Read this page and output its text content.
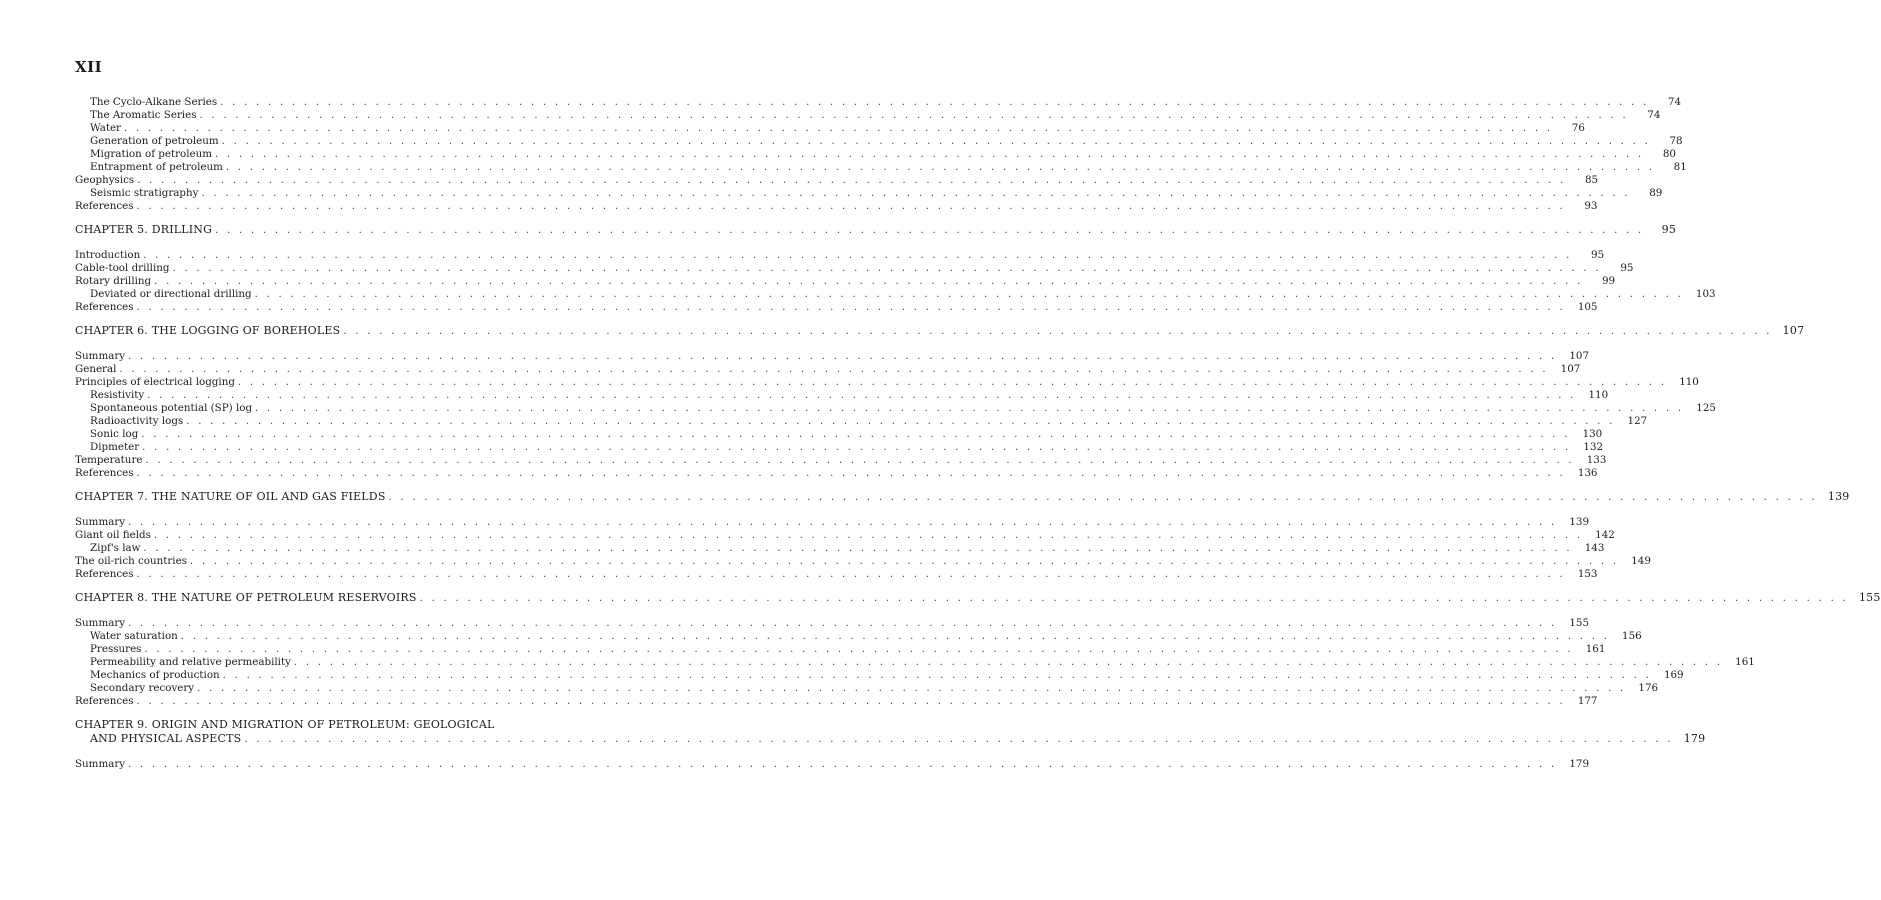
XII
The Cyclo-Alkane Series . . . . . . . . . . . . . . . . . . . . . . . . . . . . . . . . . . . . . . . . . . . . . . . . . . . . . . . . . . . . . . . . . . . . . . . . . . . . . . . . . . . . . . . . . . . . . . . . . . . . . . . . . . . . . . . . . . . . . . . .	74
The Aromatic Series . . . . . . . . . . . . . . . . . . . . . . . . . . . . . . . . . . . . . . . . . . . . . . . . . . . . . . . . . . . . . . . . . . . . . . . . . . . . . . . . . . . . . . . . . . . . . . . . . . . . . . . . . . . . . . . . . . . . . . . .	74
Water . . . . . . . . . . . . . . . . . . . . . . . . . . . . . . . . . . . . . . . . . . . . . . . . . . . . . . . . . . . . . . . . . . . . . . . . . . . . . . . . . . . . . . . . . . . . . . . . . . . . . . . . . . . . . . . . . . . . . . . .	76
Generation of petroleum . . . . . . . . . . . . . . . . . . . . . . . . . . . . . . . . . . . . . . . . . . . . . . . . . . . . . . . . . . . . . . . . . . . . . . . . . . . . . . . . . . . . . . . . . . . . . . . . . . . . . . . . . . . . . . . . . . . . . . . .	78
Migration of petroleum . . . . . . . . . . . . . . . . . . . . . . . . . . . . . . . . . . . . . . . . . . . . . . . . . . . . . . . . . . . . . . . . . . . . . . . . . . . . . . . . . . . . . . . . . . . . . . . . . . . . . . . . . . . . . . . . . . . . . . . .	80
Entrapment of petroleum . . . . . . . . . . . . . . . . . . . . . . . . . . . . . . . . . . . . . . . . . . . . . . . . . . . . . . . . . . . . . . . . . . . . . . . . . . . . . . . . . . . . . . . . . . . . . . . . . . . . . . . . . . . . . . . . . . . . . . . .	81
Geophysics . . . . . . . . . . . . . . . . . . . . . . . . . . . . . . . . . . . . . . . . . . . . . . . . . . . . . . . . . . . . . . . . . . . . . . . . . . . . . . . . . . . . . . . . . . . . . . . . . . . . . . . . . . . . . . . . . . . . . . . .	85
Seismic stratigraphy . . . . . . . . . . . . . . . . . . . . . . . . . . . . . . . . . . . . . . . . . . . . . . . . . . . . . . . . . . . . . . . . . . . . . . . . . . . . . . . . . . . . . . . . . . . . . . . . . . . . . . . . . . . . . . . . . . . . . . . .	89
References . . . . . . . . . . . . . . . . . . . . . . . . . . . . . . . . . . . . . . . . . . . . . . . . . . . . . . . . . . . . . . . . . . . . . . . . . . . . . . . . . . . . . . . . . . . . . . . . . . . . . . . . . . . . . . . . . . . . . . . .	93
CHAPTER 5. DRILLING . . . . . . . . . . . . . . . . . . . . . . . . . . . . . . . . . . . . . . . . . . . . . . . . . . . . . . . . . . . . . . . . . . . . . . . . . . . . . . . . . . . . . . . . . . . . . . . . . . . . . . . . . . . . . . . . . . . . . . . .	95
Introduction . . . . . . . . . . . . . . . . . . . . . . . . . . . . . . . . . . . . . . . . . . . . . . . . . . . . . . . . . . . . . . . . . . . . . . . . . . . . . . . . . . . . . . . . . . . . . . . . . . . . . . . . . . . . . . . . . . . . . . . .	95
Cable-tool drilling . . . . . . . . . . . . . . . . . . . . . . . . . . . . . . . . . . . . . . . . . . . . . . . . . . . . . . . . . . . . . . . . . . . . . . . . . . . . . . . . . . . . . . . . . . . . . . . . . . . . . . . . . . . . . . . . . . . . . . . .	95
Rotary drilling . . . . . . . . . . . . . . . . . . . . . . . . . . . . . . . . . . . . . . . . . . . . . . . . . . . . . . . . . . . . . . . . . . . . . . . . . . . . . . . . . . . . . . . . . . . . . . . . . . . . . . . . . . . . . . . . . . . . . . . .	99
Deviated or directional drilling . . . . . . . . . . . . . . . . . . . . . . . . . . . . . . . . . . . . . . . . . . . . . . . . . . . . . . . . . . . . . . . . . . . . . . . . . . . . . . . . . . . . . . . . . . . . . . . . . . . . . . . . . . . . . . . . . . . . . . . .	103
References . . . . . . . . . . . . . . . . . . . . . . . . . . . . . . . . . . . . . . . . . . . . . . . . . . . . . . . . . . . . . . . . . . . . . . . . . . . . . . . . . . . . . . . . . . . . . . . . . . . . . . . . . . . . . . . . . . . . . . . .	105
CHAPTER 6. THE LOGGING OF BOREHOLES . . . . . . . . . . . . . . . . . . . . . . . . . . . . . . . . . . . . . . . . . . . . . . . . . . . . . . . . . . . . . . . . . . . . . . . . . . . . . . . . . . . . . . . . . . . . . . . . . . . . . . . . . . . . . . . . . . . . . . . . 107
Summary . . . . . . . . . . . . . . . . . . . . . . . . . . . . . . . . . . . . . . . . . . . . . . . . . . . . . . . . . . . . . . . . . . . . . . . . . . . . . . . . . . . . . . . . . . . . . . . . . . . . . . . . . . . . . . . . . . . . . . . .	107
General . . . . . . . . . . . . . . . . . . . . . . . . . . . . . . . . . . . . . . . . . . . . . . . . . . . . . . . . . . . . . . . . . . . . . . . . . . . . . . . . . . . . . . . . . . . . . . . . . . . . . . . . . . . . . . . . . . . . . . . .	107
Principles of electrical logging . . . . . . . . . . . . . . . . . . . . . . . . . . . . . . . . . . . . . . . . . . . . . . . . . . . . . . . . . . . . . . . . . . . . . . . . . . . . . . . . . . . . . . . . . . . . . . . . . . . . . . . . . . . . . . . . . . . . . . . .	110
Resistivity . . . . . . . . . . . . . . . . . . . . . . . . . . . . . . . . . . . . . . . . . . . . . . . . . . . . . . . . . . . . . . . . . . . . . . . . . . . . . . . . . . . . . . . . . . . . . . . . . . . . . . . . . . . . . . . . . . . . . . . .	110
Spontaneous potential (SP) log . . . . . . . . . . . . . . . . . . . . . . . . . . . . . . . . . . . . . . . . . . . . . . . . . . . . . . . . . . . . . . . . . . . . . . . . . . . . . . . . . . . . . . . . . . . . . . . . . . . . . . . . . . . . . . . . . . . . . . . .	125
Radioactivity logs . . . . . . . . . . . . . . . . . . . . . . . . . . . . . . . . . . . . . . . . . . . . . . . . . . . . . . . . . . . . . . . . . . . . . . . . . . . . . . . . . . . . . . . . . . . . . . . . . . . . . . . . . . . . . . . . . . . . . . . .	127
Sonic log . . . . . . . . . . . . . . . . . . . . . . . . . . . . . . . . . . . . . . . . . . . . . . . . . . . . . . . . . . . . . . . . . . . . . . . . . . . . . . . . . . . . . . . . . . . . . . . . . . . . . . . . . . . . . . . . . . . . . . . .	130
Dipmeter . . . . . . . . . . . . . . . . . . . . . . . . . . . . . . . . . . . . . . . . . . . . . . . . . . . . . . . . . . . . . . . . . . . . . . . . . . . . . . . . . . . . . . . . . . . . . . . . . . . . . . . . . . . . . . . . . . . . . . . .	132
Temperature . . . . . . . . . . . . . . . . . . . . . . . . . . . . . . . . . . . . . . . . . . . . . . . . . . . . . . . . . . . . . . . . . . . . . . . . . . . . . . . . . . . . . . . . . . . . . . . . . . . . . . . . . . . . . . . . . . . . . . . .	133
References . . . . . . . . . . . . . . . . . . . . . . . . . . . . . . . . . . . . . . . . . . . . . . . . . . . . . . . . . . . . . . . . . . . . . . . . . . . . . . . . . . . . . . . . . . . . . . . . . . . . . . . . . . . . . . . . . . . . . . . .	136
CHAPTER 7. THE NATURE OF OIL AND GAS FIELDS . . . . . . . . . . . . . . . . . . . . . . . . . . . . . . . . . . . . . . . . . . . . . . . . . . . . . . . . . . . . . . . . . . . . . . . . . . . . . . . . . . . . . . . . . . . . . . . . . . . . . . . . . . . . . . . . . . . . . . . . 139
Summary . . . . . . . . . . . . . . . . . . . . . . . . . . . . . . . . . . . . . . . . . . . . . . . . . . . . . . . . . . . . . . . . . . . . . . . . . . . . . . . . . . . . . . . . . . . . . . . . . . . . . . . . . . . . . . . . . . . . . . . .	139
Giant oil fields . . . . . . . . . . . . . . . . . . . . . . . . . . . . . . . . . . . . . . . . . . . . . . . . . . . . . . . . . . . . . . . . . . . . . . . . . . . . . . . . . . . . . . . . . . . . . . . . . . . . . . . . . . . . . . . . . . . . . . . .	142
Zipf's law . . . . . . . . . . . . . . . . . . . . . . . . . . . . . . . . . . . . . . . . . . . . . . . . . . . . . . . . . . . . . . . . . . . . . . . . . . . . . . . . . . . . . . . . . . . . . . . . . . . . . . . . . . . . . . . . . . . . . . . .	143
The oil-rich countries . . . . . . . . . . . . . . . . . . . . . . . . . . . . . . . . . . . . . . . . . . . . . . . . . . . . . . . . . . . . . . . . . . . . . . . . . . . . . . . . . . . . . . . . . . . . . . . . . . . . . . . . . . . . . . . . . . . . . . . .	149
References . . . . . . . . . . . . . . . . . . . . . . . . . . . . . . . . . . . . . . . . . . . . . . . . . . . . . . . . . . . . . . . . . . . . . . . . . . . . . . . . . . . . . . . . . . . . . . . . . . . . . . . . . . . . . . . . . . . . . . . .	153
CHAPTER 8. THE NATURE OF PETROLEUM RESERVOIRS . . . . . . . . . . . . . . . . . . . . . . . . . . . . . . . . . . . . . . . . . . . . . . . . . . . . . . . . . . . . . . . . . . . . . . . . . . . . . . . . . . . . . . . . . . . . . . . . . . . . . . . . . . . . . . . . . . . . . . . . 155
Summary . . . . . . . . . . . . . . . . . . . . . . . . . . . . . . . . . . . . . . . . . . . . . . . . . . . . . . . . . . . . . . . . . . . . . . . . . . . . . . . . . . . . . . . . . . . . . . . . . . . . . . . . . . . . . . . . . . . . . . . .	155
Water saturation . . . . . . . . . . . . . . . . . . . . . . . . . . . . . . . . . . . . . . . . . . . . . . . . . . . . . . . . . . . . . . . . . . . . . . . . . . . . . . . . . . . . . . . . . . . . . . . . . . . . . . . . . . . . . . . . . . . . . . . .	156
Pressures . . . . . . . . . . . . . . . . . . . . . . . . . . . . . . . . . . . . . . . . . . . . . . . . . . . . . . . . . . . . . . . . . . . . . . . . . . . . . . . . . . . . . . . . . . . . . . . . . . . . . . . . . . . . . . . . . . . . . . . .	161
Permeability and relative permeability . . . . . . . . . . . . . . . . . . . . . . . . . . . . . . . . . . . . . . . . . . . . . . . . . . . . . . . . . . . . . . . . . . . . . . . . . . . . . . . . . . . . . . . . . . . . . . . . . . . . . . . . . . . . . . . . . . . . . . . .	161
Mechanics of production . . . . . . . . . . . . . . . . . . . . . . . . . . . . . . . . . . . . . . . . . . . . . . . . . . . . . . . . . . . . . . . . . . . . . . . . . . . . . . . . . . . . . . . . . . . . . . . . . . . . . . . . . . . . . . . . . . . . . . . .	169
Secondary recovery . . . . . . . . . . . . . . . . . . . . . . . . . . . . . . . . . . . . . . . . . . . . . . . . . . . . . . . . . . . . . . . . . . . . . . . . . . . . . . . . . . . . . . . . . . . . . . . . . . . . . . . . . . . . . . . . . . . . . . . .	176
References . . . . . . . . . . . . . . . . . . . . . . . . . . . . . . . . . . . . . . . . . . . . . . . . . . . . . . . . . . . . . . . . . . . . . . . . . . . . . . . . . . . . . . . . . . . . . . . . . . . . . . . . . . . . . . . . . . . . . . . .	177
CHAPTER 9. ORIGIN AND MIGRATION OF PETROLEUM: GEOLOGICAL
AND PHYSICAL ASPECTS . . . . . . . . . . . . . . . . . . . . . . . . . . . . . . . . . . . . . . . . . . . . . . . . . . . . . . . . . . . . . . . . . . . . . . . . . . . . . . . . . . . . . . . . . . . . . . . . . . . . . . . . . . . . . . . . . . . . . . . . 179
Summary . . . . . . . . . . . . . . . . . . . . . . . . . . . . . . . . . . . . . . . . . . . . . . . . . . . . . . . . . . . . . . . . . . . . . . . . . . . . . . . . . . . . . . . . . . . . . . . . . . . . . . . . . . . . . . . . . . . . . . . .	179
